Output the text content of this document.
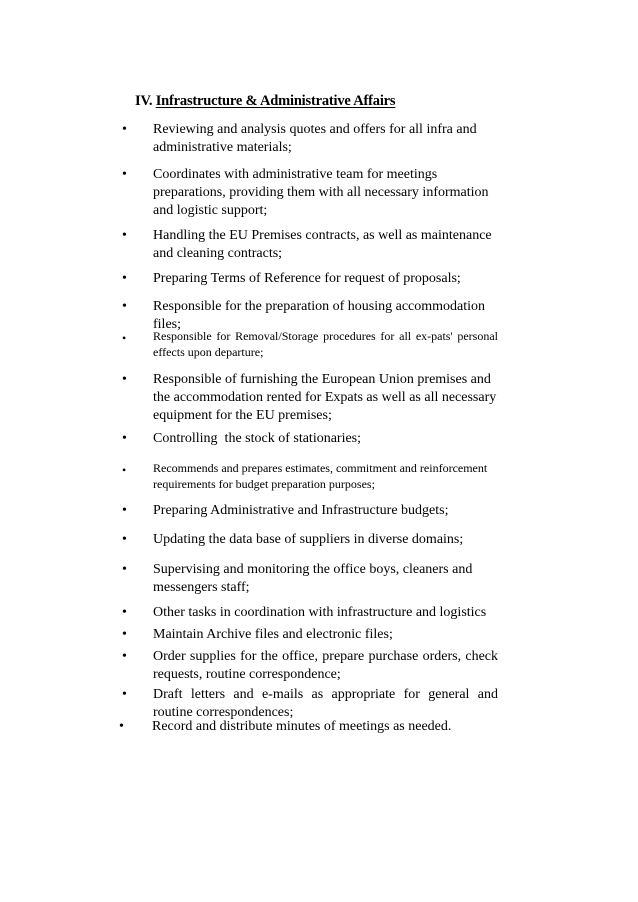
IV. Infrastructure & Administrative Affairs
• Reviewing and analysis quotes and offers for all infra and administrative materials;
• Coordinates with administrative team for meetings preparations, providing them with all necessary information and logistic support;
• Handling the EU Premises contracts, as well as maintenance and cleaning contracts;
• Preparing Terms of Reference for request of proposals;
• Responsible for the preparation of housing accommodation files;
• Responsible for Removal/Storage procedures for all ex-pats' personal effects upon departure;
• Responsible of furnishing the European Union premises and the accommodation rented for Expats as well as all necessary equipment for the EU premises;
• Controlling  the stock of stationaries;
• Recommends and prepares estimates, commitment and reinforcement requirements for budget preparation purposes;
• Preparing Administrative and Infrastructure budgets;
• Updating the data base of suppliers in diverse domains;
• Supervising and monitoring the office boys, cleaners and messengers staff;
• Other tasks in coordination with infrastructure and logistics
• Maintain Archive files and electronic files;
• Order supplies for the office, prepare purchase orders, check requests, routine correspondence;
• Draft letters and e-mails as appropriate for general and routine correspondences;
• Record and distribute minutes of meetings as needed.
